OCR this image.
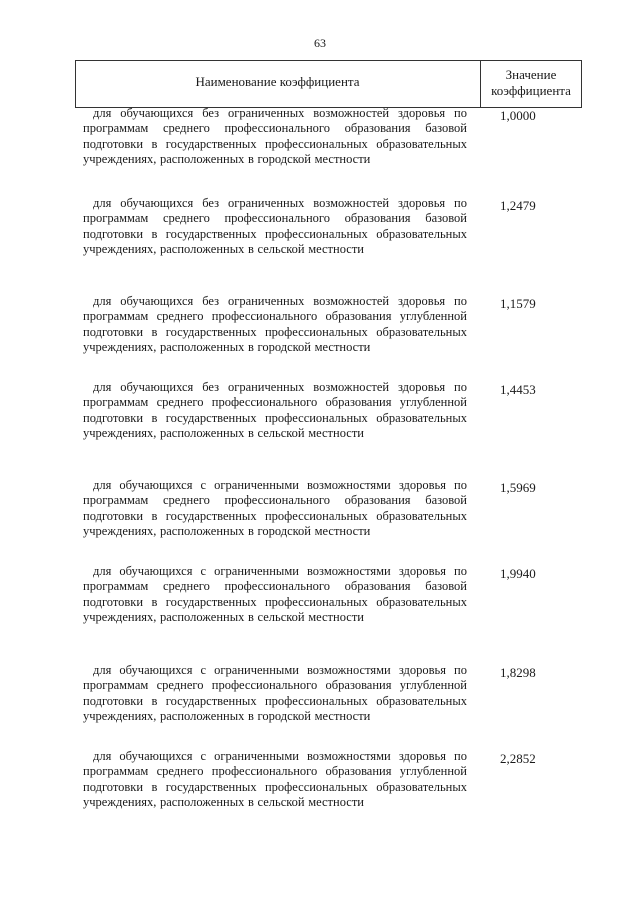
63
Наименование коэффициента	Значение
коэффициента
для обучающихся без ограниченных возможностей здоровья по программам среднего профессионального образования базовой подготовки в государственных профессиональных образовательных учреждениях, расположенных в городской местности
1,0000
для обучающихся без ограниченных возможностей здоровья по программам среднего профессионального образования базовой подготовки в государственных профессиональных образовательных учреждениях, расположенных в сельской местности
1,2479
для обучающихся без ограниченных возможностей здоровья по программам среднего профессионального образования углубленной подготовки в государственных профессиональных образовательных учреждениях, расположенных в городской местности
1,1579
для обучающихся без ограниченных возможностей здоровья по программам среднего профессионального образования углубленной подготовки в государственных профессиональных образовательных учреждениях, расположенных в сельской местности
1,4453
для обучающихся с ограниченными возможностями здоровья по программам среднего профессионального образования базовой подготовки в государственных профессиональных образовательных учреждениях, расположенных в городской местности
1,5969
для обучающихся с ограниченными возможностями здоровья по программам среднего профессионального образования базовой подготовки в государственных профессиональных образовательных учреждениях, расположенных в сельской местности
1,9940
для обучающихся с ограниченными возможностями здоровья по программам среднего профессионального образования углубленной подготовки в государственных профессиональных образовательных учреждениях, расположенных в городской местности
1,8298
для обучающихся с ограниченными возможностями здоровья по программам среднего профессионального образования углубленной подготовки в государственных профессиональных образовательных учреждениях, расположенных в сельской местности
2,2852
